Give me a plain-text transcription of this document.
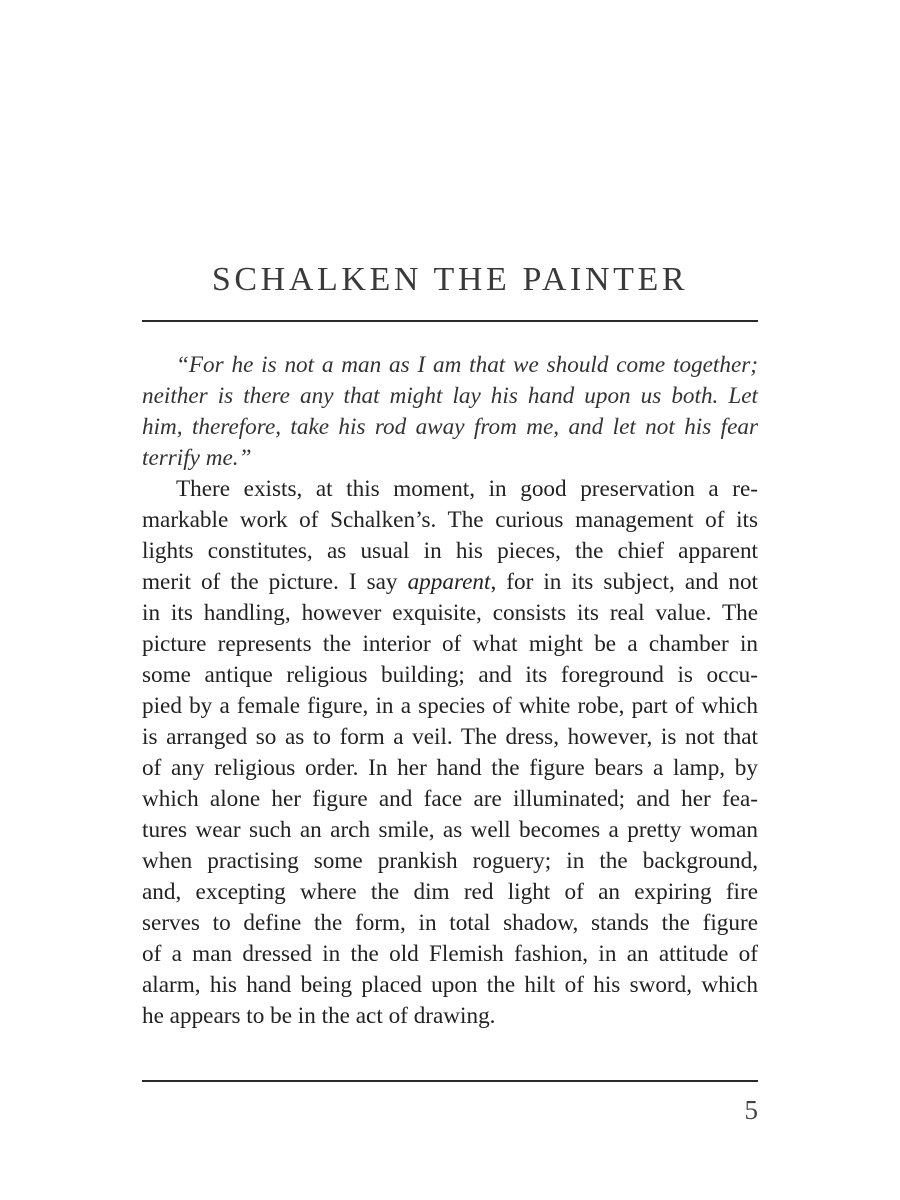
SCHALKEN THE PAINTER
“For he is not a man as I am that we should come together;
neither is there any that might lay his hand upon us both. Let
him, therefore, take his rod away from me, and let not his fear
terrify me.”
There exists, at this moment, in good preservation a re-
markable work of Schalken’s. The curious management of its
lights constitutes, as usual in his pieces, the chief apparent
merit of the picture. I say apparent, for in its subject, and not
in its handling, however exquisite, consists its real value. The
picture represents the interior of what might be a chamber in
some antique religious building; and its foreground is occu-
pied by a female figure, in a species of white robe, part of which
is arranged so as to form a veil. The dress, however, is not that
of any religious order. In her hand the figure bears a lamp, by
which alone her figure and face are illuminated; and her fea-
tures wear such an arch smile, as well becomes a pretty woman
when practising some prankish roguery; in the background,
and, excepting where the dim red light of an expiring fire
serves to define the form, in total shadow, stands the figure
of a man dressed in the old Flemish fashion, in an attitude of
alarm, his hand being placed upon the hilt of his sword, which
he appears to be in the act of drawing.
5
